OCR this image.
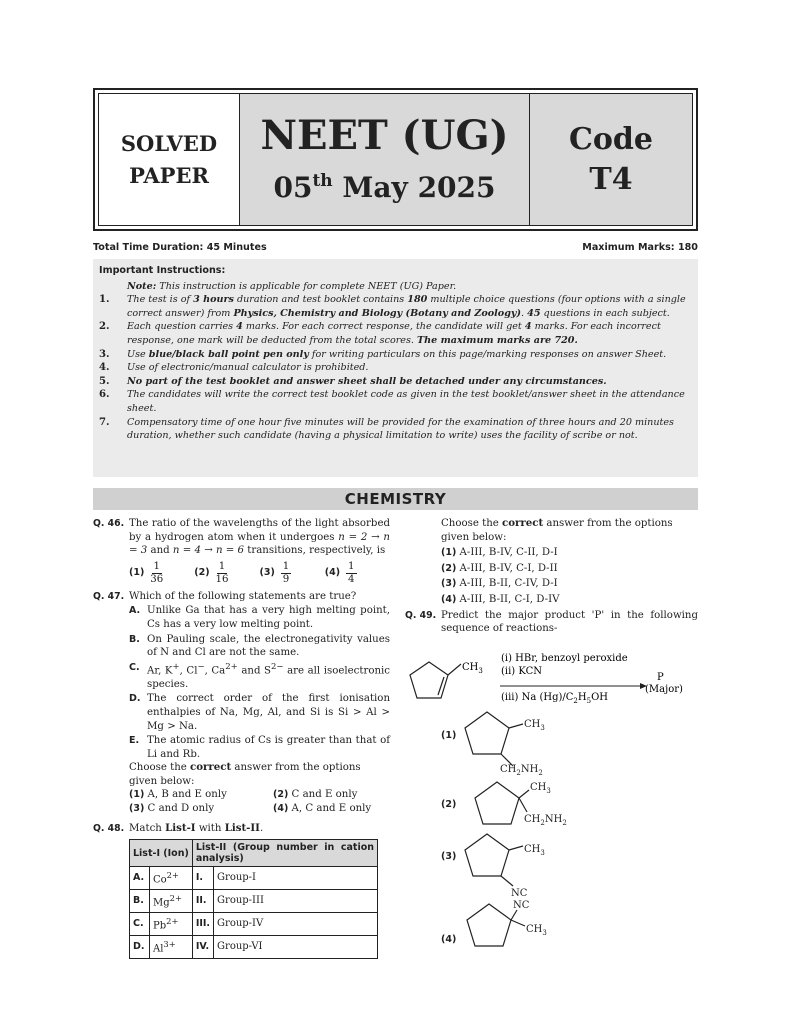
SOLVED
PAPER
NEET (UG)
05th May 2025
Code
T4
Total Time Duration: 45 Minutes	Maximum Marks: 180
Important Instructions:
Note: This instruction is applicable for complete NEET (UG) Paper.
1.	The test is of 3 hours duration and test booklet contains 180 multiple choice questions (four options with a single correct answer) from Physics, Chemistry and Biology (Botany and Zoology). 45 questions in each subject.
2.	Each question carries 4 marks. For each correct response, the candidate will get 4 marks. For each incorrect response, one mark will be deducted from the total scores. The maximum marks are 720.
3.	Use blue/black ball point pen only for writing particulars on this page/marking responses on answer Sheet.
4.	Use of electronic/manual calculator is prohibited.
5.	No part of the test booklet and answer sheet shall be detached under any circumstances.
6.	The candidates will write the correct test booklet code as given in the test booklet/answer sheet in the attendance sheet.
7.	Compensatory time of one hour five minutes will be provided for the examination of three hours and 20 minutes duration, whether such candidate (having a physical limitation to write) uses the facility of scribe or not.
CHEMISTRY
Q. 46. The ratio of the wavelengths of the light absorbed by a hydrogen atom when it undergoes n = 2 → n = 3 and n = 4 → n = 6 transitions, respectively, is
$(1) \frac{1}{36}$	$(2) \frac{1}{16}$	$(3) \frac{1}{9}$	$(4) \frac{1}{4}$
Q. 47. Which of the following statements are true?
A. Unlike Ga that has a very high melting point, Cs has a very low melting point.
B. On Pauling scale, the electronegativity values of N and Cl are not the same.
C. Ar, K+, Cl−, $Ca^{2+}$ and $S^{2-}$ are all isoelectronic species.
D. The correct order of the first ionisation enthalpies of Na, Mg, Al, and Si is Si > Al > Mg > Na.
E. The atomic radius of Cs is greater than that of Li and Rb.
Choose the correct answer from the options given below:
(1) A, B and E only	(2) C and E only
(3) C and D only	(4) A, C and E only
Q. 48. Match List-I with List-II.
List-I (Ion)		List-II (Group number in cation analysis)	
A.	$Co^{2+}$	I.	Group-I
B.	$Mg^{2+}$	II.	Group-III
C.	$Pb^{2+}$	III.	Group-IV
D.	$Al^{3+}$	IV.	Group-VI
Choose the correct answer from the options given below:
(1) A-III, B-IV, C-II, D-I
(2) A-III, B-IV, C-I, D-II
(3) A-III, B-II, C-IV, D-I
(4) A-III, B-II, C-I, D-IV
Q. 49. Predict the major product 'P' in the following sequence of reactions-
$CH_3$
(i) HBr, benzoyl peroxide
(ii) KCN
(iii) Na $(Hg)/C_2H_5OH$
P
(Major)
(1)
$CH_3$
$CH_2NH_2$
(2)
$CH_3$
$CH_2NH_2$
(3)
$CH_3$
NC
(4)
NC
$CH_3$
